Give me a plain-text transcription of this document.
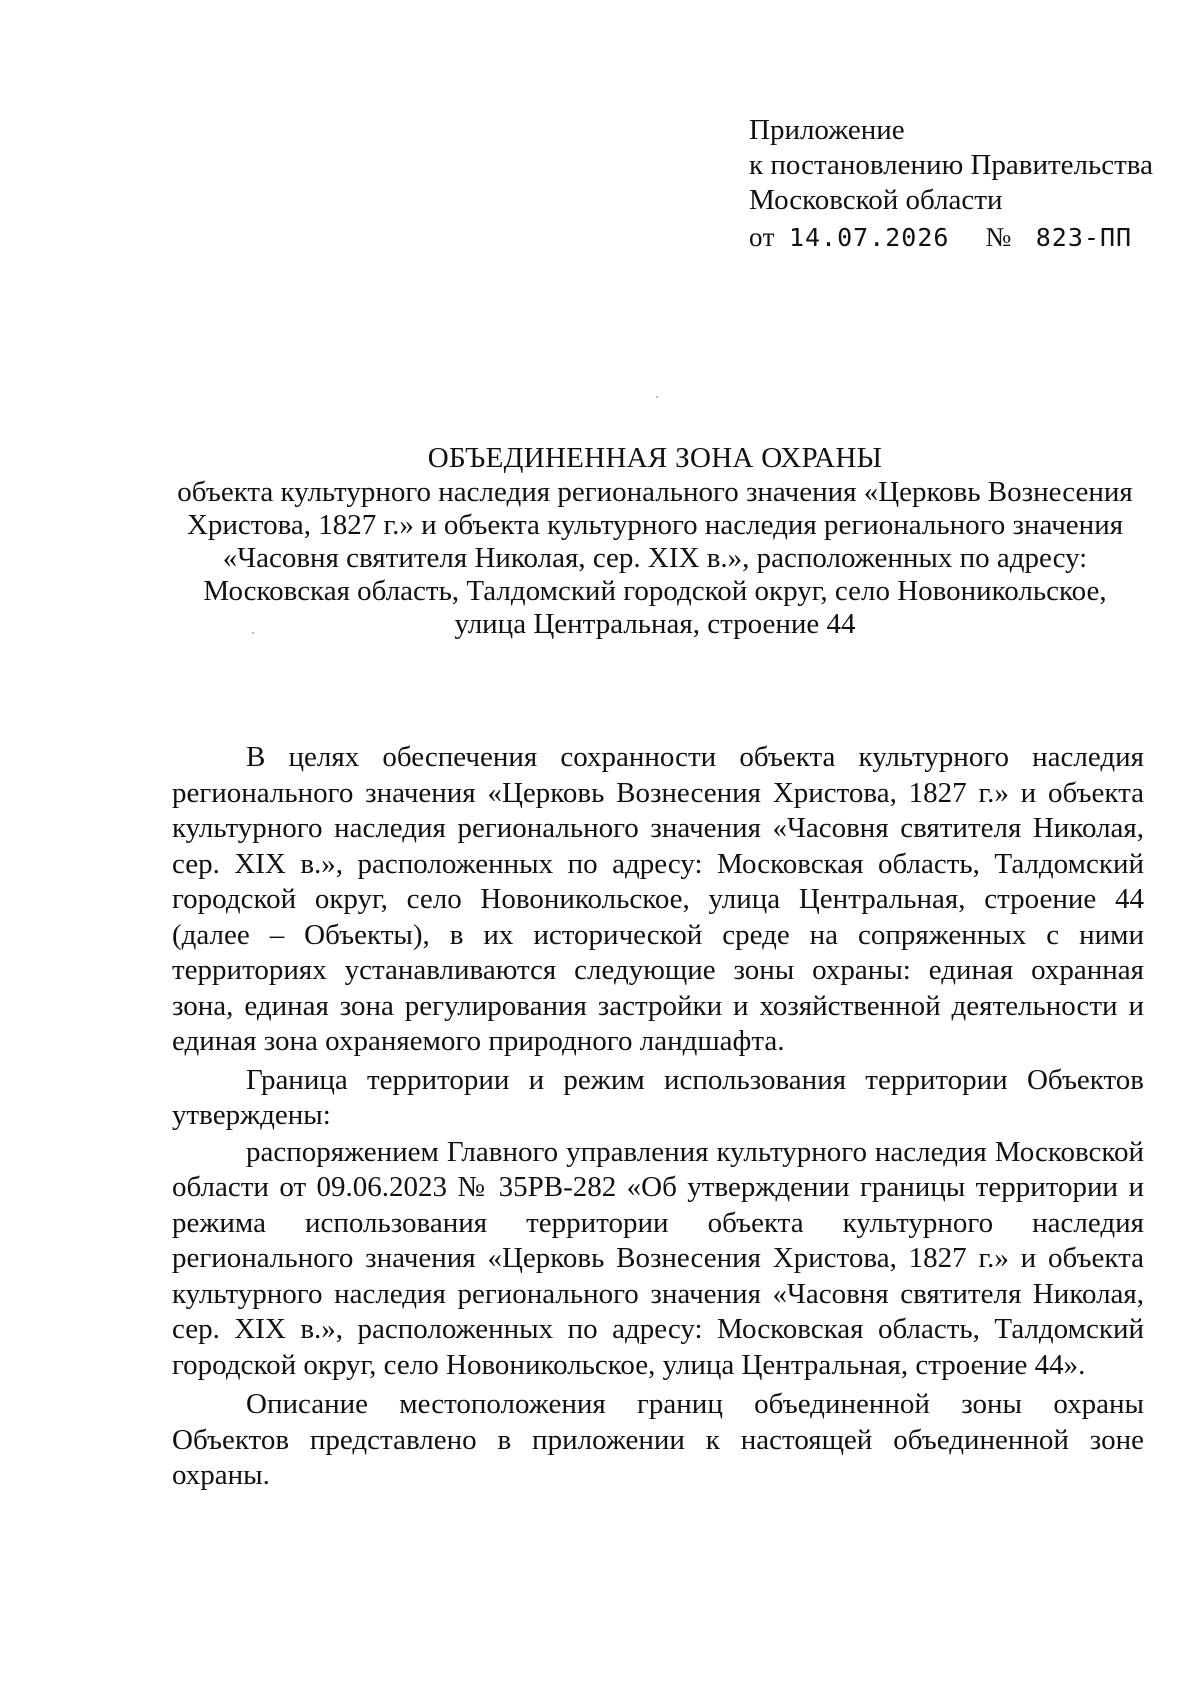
Приложение
к постановлению Правительства
Московской области
от 14.07.2026 № 823-ПП
ОБЪЕДИНЕННАЯ ЗОНА ОХРАНЫ
объекта культурного наследия регионального значения «Церковь Вознесения
Христова, 1827 г.» и объекта культурного наследия регионального значения
«Часовня святителя Николая, сер. XIX в.», расположенных по адресу:
Московская область, Талдомский городской округ, село Новоникольское,
улица Центральная, строение 44

В целях обеспечения сохранности объекта культурного наследия регионального значения «Церковь Вознесения Христова, 1827 г.» и объекта культурного наследия регионального значения «Часовня святителя Николая, сер. XIX в.», расположенных по адресу: Московская область, Талдомский городской округ, село Новоникольское, улица Центральная, строение 44 (далее – Объекты), в их исторической среде на сопряженных с ними территориях устанавливаются следующие зоны охраны: единая охранная зона, единая зона регулирования застройки и хозяйственной деятельности и единая зона охраняемого природного ландшафта.

Граница территории и режим использования территории Объектов утверждены:

распоряжением Главного управления культурного наследия Московской области от 09.06.2023 № 35РВ-282 «Об утверждении границы территории и режима использования территории объекта культурного наследия регионального значения «Церковь Вознесения Христова, 1827 г.» и объекта культурного наследия регионального значения «Часовня святителя Николая, сер. XIX в.», расположенных по адресу: Московская область, Талдомский городской округ, село Новоникольское, улица Центральная, строение 44».

Описание местоположения границ объединенной зоны охраны Объектов представлено в приложении к настоящей объединенной зоне охраны.
